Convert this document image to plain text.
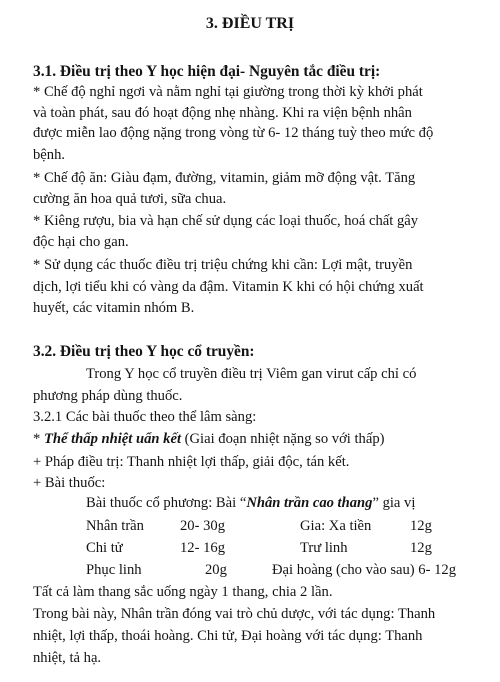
3. ĐIỀU TRỊ
3.1. Điều trị theo Y học hiện đại- Nguyên tắc điều trị:
* Chế độ nghỉ ngơi và nằm nghỉ tại giường trong thời kỳ khởi phát
và toàn phát, sau đó hoạt động nhẹ nhàng. Khi ra viện bệnh nhân
được miễn lao động nặng trong vòng từ 6- 12 tháng tuỳ theo mức độ
bệnh.
* Chế độ ăn: Giàu đạm, đường, vitamin, giảm mỡ động vật. Tăng
cường ăn hoa quả tươi, sữa chua.
* Kiêng rượu, bia và hạn chế sử dụng các loại thuốc, hoá chất gây
độc hại cho gan.
* Sử dụng các thuốc điều trị triệu chứng khi cần: Lợi mật, truyền
dịch, lợi tiểu khi có vàng da đậm. Vitamin K khi có hội chứng xuất
huyết, các vitamin nhóm B.
3.2. Điều trị theo Y học cổ truyền:
Trong Y học cổ truyền điều trị Viêm gan virut cấp chỉ có
phương pháp dùng thuốc.
3.2.1 Các bài thuốc theo thể lâm sàng:
* Thể thấp nhiệt uẩn kết (Giai đoạn nhiệt nặng so với thấp)
+ Pháp điều trị: Thanh nhiệt lợi thấp, giải độc, tán kết.
+ Bài thuốc:
Bài thuốc cổ phương: Bài “Nhân trần cao thang” gia vị
Nhân trần 20- 30g	Gia: Xa tiền	12g
Chi tử	12- 16g	Trư linh	12g
Phục linh	20g	Đại hoàng (cho vào sau) 6- 12g
Tất cả làm thang sắc uống ngày 1 thang, chia 2 lần.
Trong bài này, Nhân trần đóng vai trò chủ dược, với tác dụng: Thanh
nhiệt, lợi thấp, thoái hoàng. Chi tử, Đại hoàng với tác dụng: Thanh
nhiệt, tả hạ.
